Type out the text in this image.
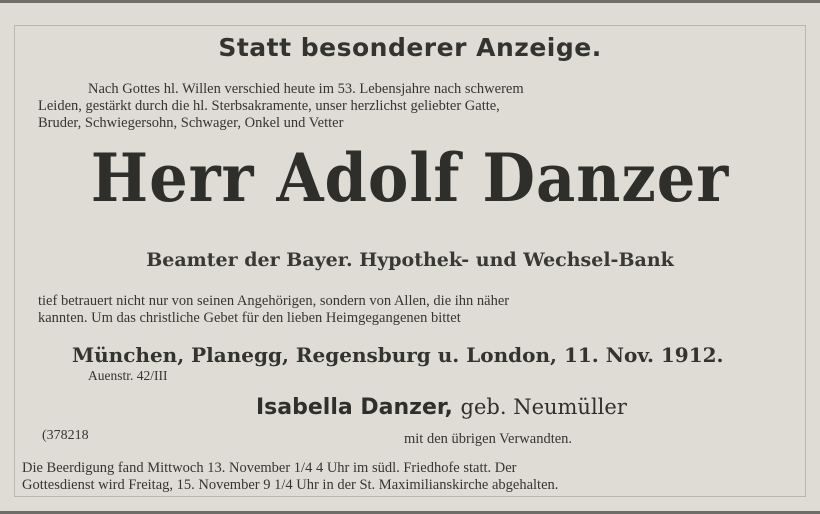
Statt besonderer Anzeige.
Nach Gottes hl. Willen verschied heute im 53. Lebensjahre nach schwerem
Leiden, gestärkt durch die hl. Sterbsakramente, unser herzlichst geliebter Gatte,
Bruder, Schwiegersohn, Schwager, Onkel und Vetter
Herr Adolf Danzer
Beamter der Bayer. Hypothek- und Wechsel-Bank
tief betrauert nicht nur von seinen Angehörigen, sondern von Allen, die ihn näher
kannten. Um das christliche Gebet für den lieben Heimgegangenen bittet
München, Planegg, Regensburg u. London, 11. Nov. 1912.
Auenstr. 42/III
Isabella Danzer, geb. Neumüller
(378218	mit den übrigen Verwandten.
Die Beerdigung fand Mittwoch 13. November 1/4 4 Uhr im südl. Friedhofe statt. Der
Gottesdienst wird Freitag, 15. November 9 1/4 Uhr in der St. Maximilianskirche abgehalten.
